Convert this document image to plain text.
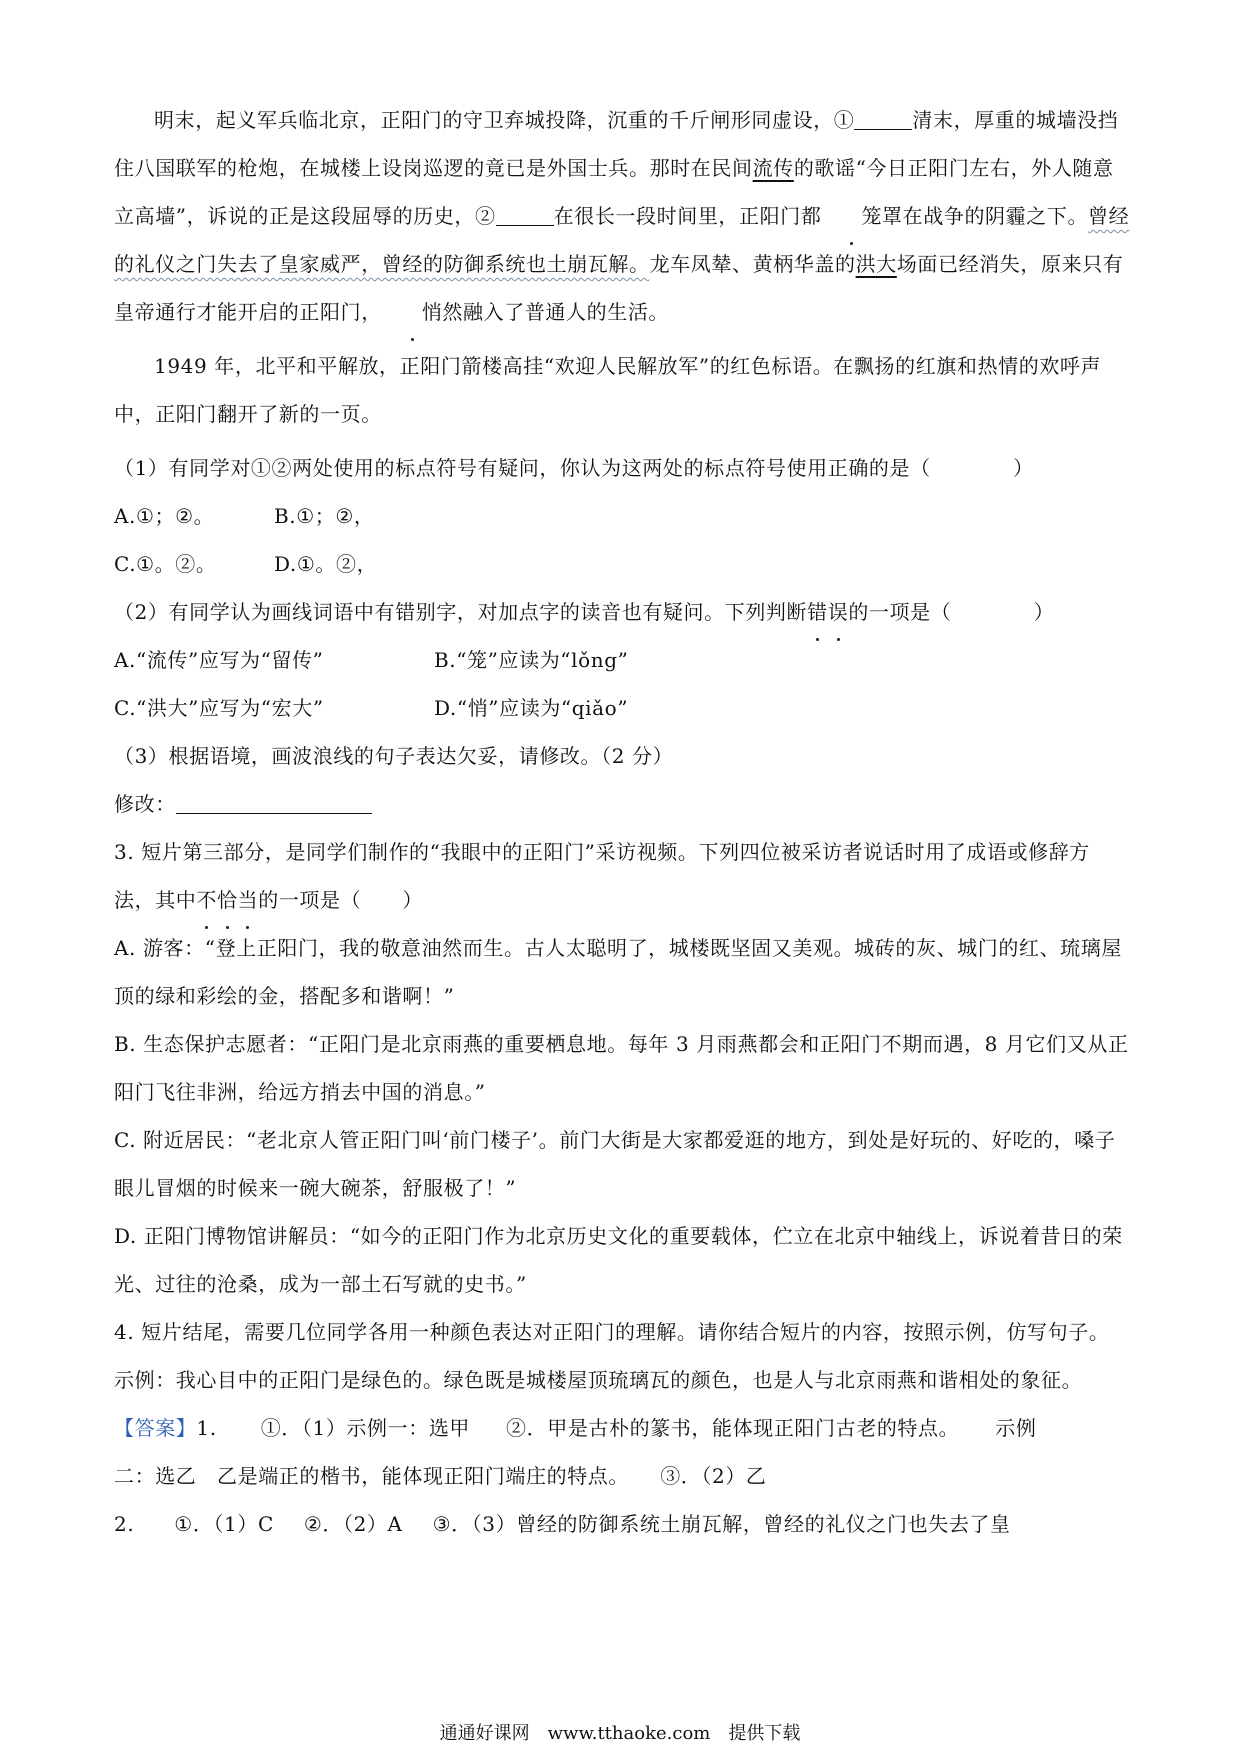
明末，起义军兵临北京，正阳门的守卫弃城投降，沉重的千斤闸形同虚设，①	清末，厚重的城墙没挡住八国联军的枪炮，在城楼上设岗巡逻的竟已是外国士兵。那时在民间流传的歌谣“今日正阳门左右，外人随意立高墙”，诉说的正是这段屈辱的历史，②	在很长一段时间里，正阳门都 笼罩在战争的阴霾之下。曾经的礼仪之门失去了皇家威严，曾经的防御系统也土崩瓦解。龙车凤辇、黄柄华盖的洪大场面已经消失，原来只有皇帝通行才能开启的正阳门， 悄然融入了普通人的生活。

1949 年，北平和平解放，正阳门箭楼高挂“欢迎人民解放军”的红色标语。在飘扬的红旗和热情的欢呼声中，正阳门翻开了新的一页。

（1）有同学对①②两处使用的标点符号有疑问，你认为这两处的标点符号使用正确的是（　　　　）

A.①；②。	B.①；②，

C.①。②。	D.①。②，

（2）有同学认为画线词语中有错别字，对加点字的读音也有疑问。下列判断错误的一项是（　　　　）

A.“流传”应写为“留传”	B.“笼”应读为“lǒng”

C.“洪大”应写为“宏大”	D.“悄”应读为“qiǎo”

（3）根据语境，画波浪线的句子表达欠妥，请修改。（2 分）

修改：

3. 短片第三部分，是同学们制作的“我眼中的正阳门”采访视频。下列四位被采访者说话时用了成语或修辞方法，其中不恰当的一项是（　　）

A. 游客：“登上正阳门，我的敬意油然而生。古人太聪明了，城楼既坚固又美观。城砖的灰、城门的红、琉璃屋顶的绿和彩绘的金，搭配多和谐啊！”

B. 生态保护志愿者：“正阳门是北京雨燕的重要栖息地。每年 3 月雨燕都会和正阳门不期而遇，8 月它们又从正阳门飞往非洲，给远方捎去中国的消息。”

C. 附近居民：“老北京人管正阳门叫‘前门楼子’。前门大街是大家都爱逛的地方，到处是好玩的、好吃的，嗓子眼儿冒烟的时候来一碗大碗茶，舒服极了！”

D. 正阳门博物馆讲解员：“如今的正阳门作为北京历史文化的重要载体，伫立在北京中轴线上，诉说着昔日的荣光、过往的沧桑，成为一部土石写就的史书。”

4. 短片结尾，需要几位同学各用一种颜色表达对正阳门的理解。请你结合短片的内容，按照示例，仿写句子。

示例：我心目中的正阳门是绿色的。绿色既是城楼屋顶琉璃瓦的颜色，也是人与北京雨燕和谐相处的象征。

【答案】1. ①．（1）示例一：选甲 ②．甲是古朴的篆书，能体现正阳门古老的特点。 示例

二：选乙　乙是端正的楷书，能体现正阳门端庄的特点。　　③．（2）乙

2. ①．（1）C ②．（2）A ③．（3）曾经的防御系统土崩瓦解，曾经的礼仪之门也失去了皇

通通好课网　www.tthaoke.com　提供下载
